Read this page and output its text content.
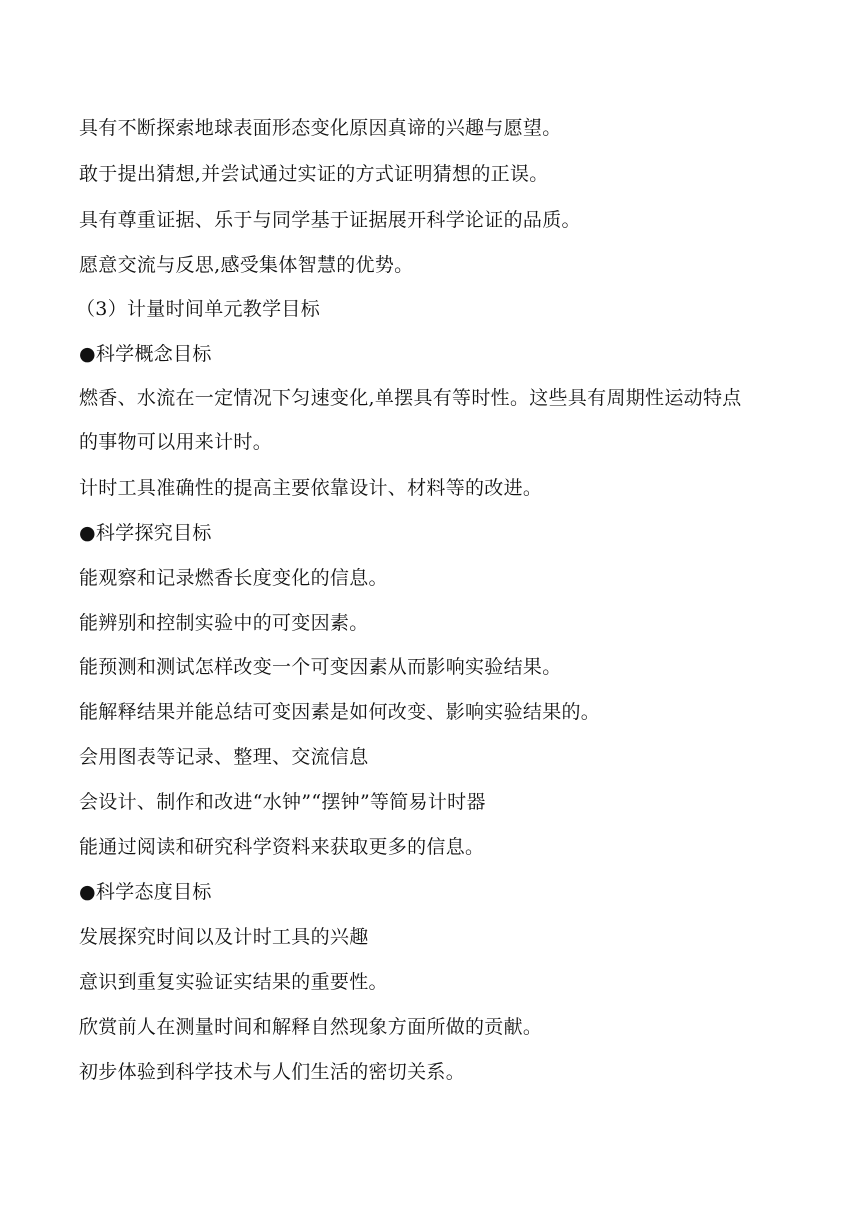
具有不断探索地球表面形态变化原因真谛的兴趣与愿望。

敢于提出猜想,并尝试通过实证的方式证明猜想的正误。

具有尊重证据、乐于与同学基于证据展开科学论证的品质。

愿意交流与反思,感受集体智慧的优势。

（3）计量时间单元教学目标

●科学概念目标

燃香、水流在一定情况下匀速变化,单摆具有等时性。这些具有周期性运动特点

的事物可以用来计时。

计时工具准确性的提高主要依靠设计、材料等的改进。

●科学探究目标

能观察和记录燃香长度变化的信息。

能辨别和控制实验中的可变因素。

能预测和测试怎样改变一个可变因素从而影响实验结果。

能解释结果并能总结可变因素是如何改变、影响实验结果的。

会用图表等记录、整理、交流信息

会设计、制作和改进“水钟”“摆钟”等简易计时器

能通过阅读和研究科学资料来获取更多的信息。

●科学态度目标

发展探究时间以及计时工具的兴趣

意识到重复实验证实结果的重要性。

欣赏前人在测量时间和解释自然现象方面所做的贡献。

初步体验到科学技术与人们生活的密切关系。
